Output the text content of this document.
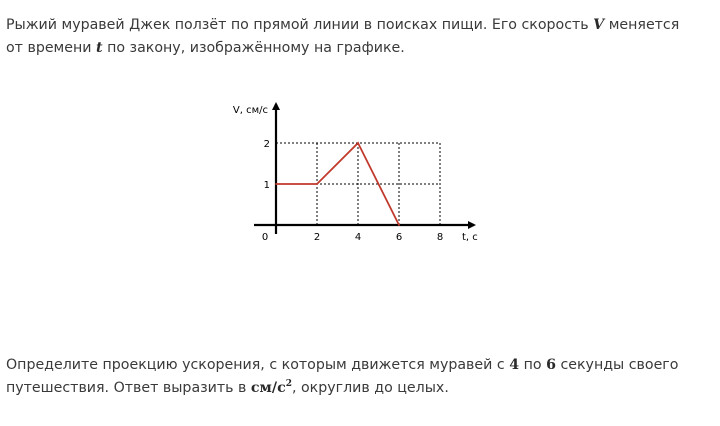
Рыжий муравей Джек ползёт по прямой линии в поисках пищи. Его скорость V меняется
от времени t по закону, изображённому на графике.
V, см/с
t, c
0	2	4	6	8
1
2
Определите проекцию ускорения, с которым движется муравей с 4 по 6 секунды своего
путешествия. Ответ выразить в $см/с^2$, округлив до целых.
